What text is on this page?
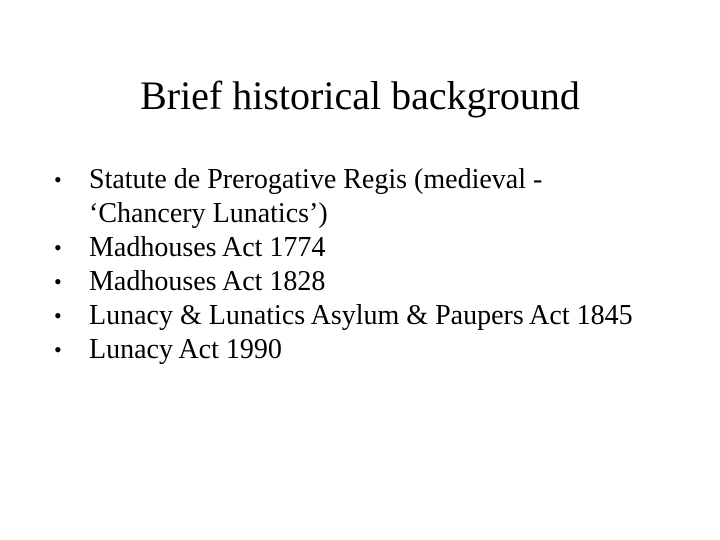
Brief historical background
• Statute de Prerogative Regis (medieval - ‘Chancery Lunatics’)
• Madhouses Act 1774
• Madhouses Act 1828
• Lunacy & Lunatics Asylum & Paupers Act 1845
• Lunacy Act 1990
